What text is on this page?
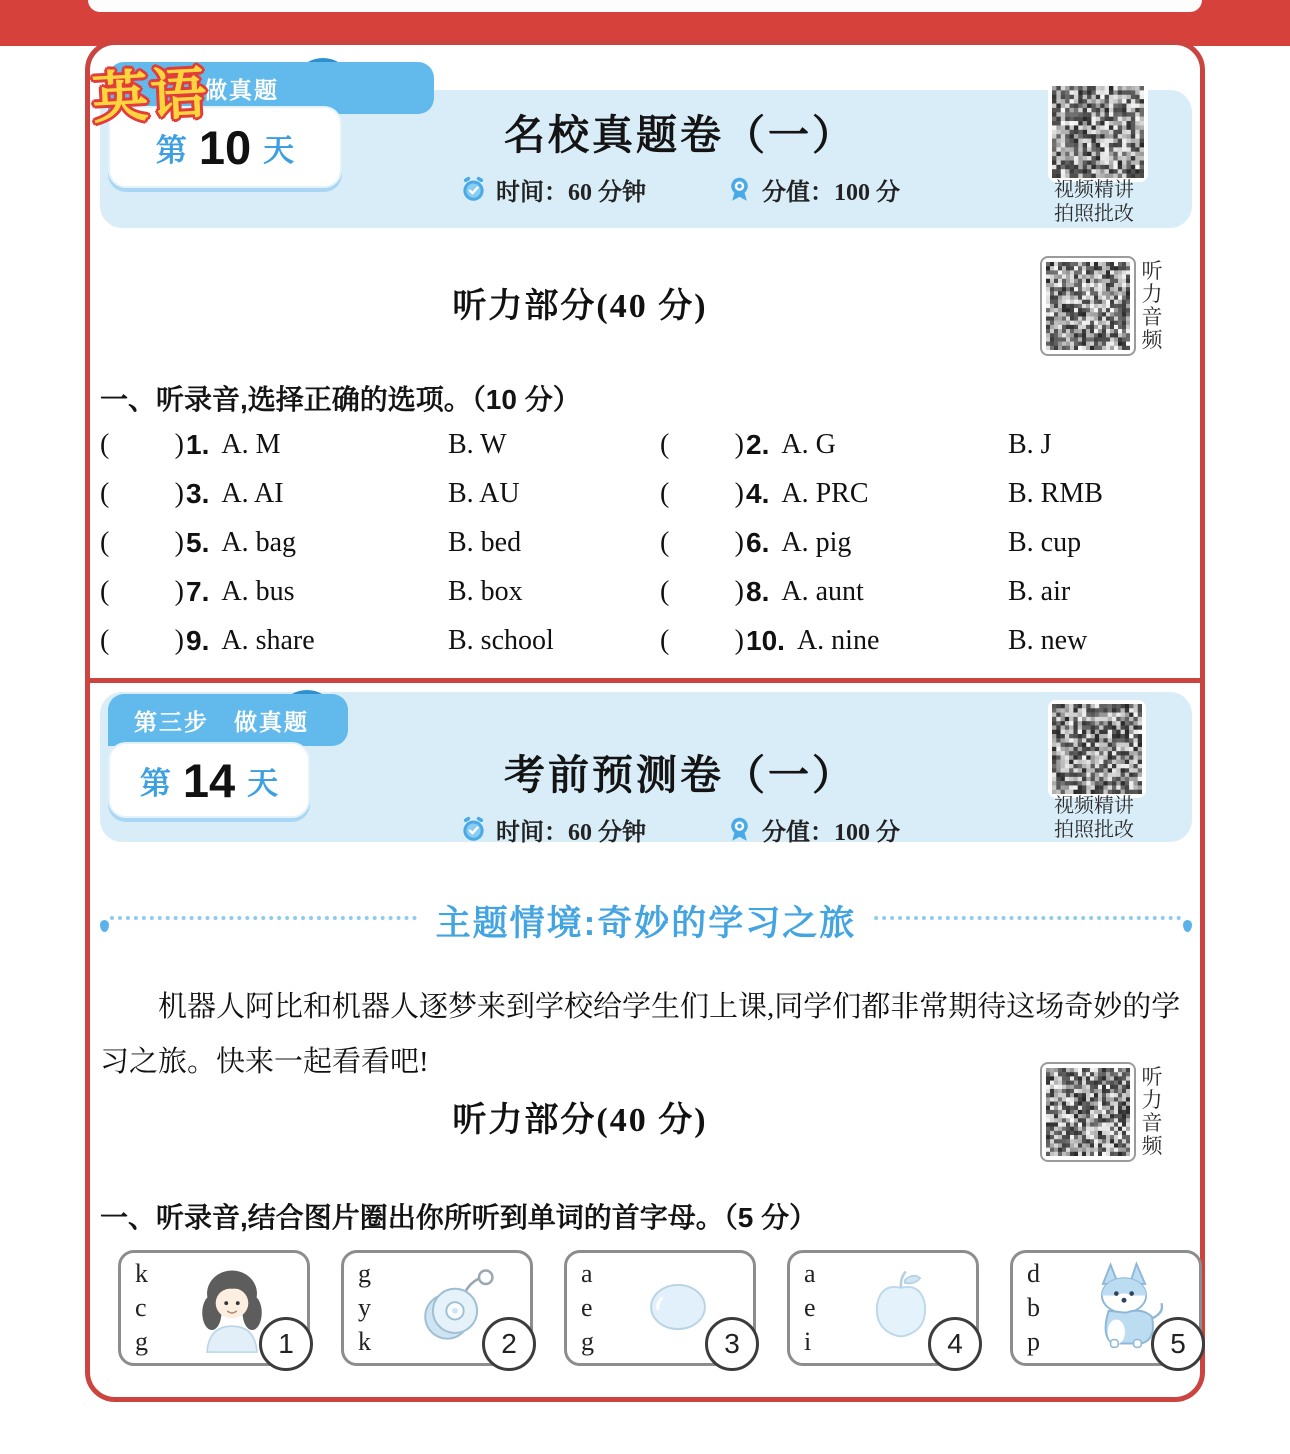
做真题
英语
第 10 天	名校真题卷（一）
时间：60 分钟	分值：100 分	视频精讲
拍照批改
听力部分(40 分)
听力音频
一、听录音,选择正确的选项。（10 分）
( ) 1. A. M	B. W	( ) 2. A. G	B. J
( ) 3. A. AI	B. AU	( ) 4. A. PRC	B. RMB
( ) 5. A. bag	B. bed	( ) 6. A. pig	B. cup
( ) 7. A. bus	B. box	( ) 8. A. aunt	B. air
( ) 9. A. share	B. school	( ) 10. A. nine	B. new
第三步　做真题
第 14 天	考前预测卷（一）
时间：60 分钟	分值：100 分
视频精讲
拍照批改
主题情境:奇妙的学习之旅
机器人阿比和机器人逐梦来到学校给学生们上课,同学们都非常期待这场奇妙的学习之旅。快来一起看看吧!
听力部分(40 分)
听力音频
一、听录音,结合图片圈出你所听到单词的首字母。（5 分）
k
c
g	1
g
y
k	2
a
e
g	3
a
e
i	4
d
b
p	5
